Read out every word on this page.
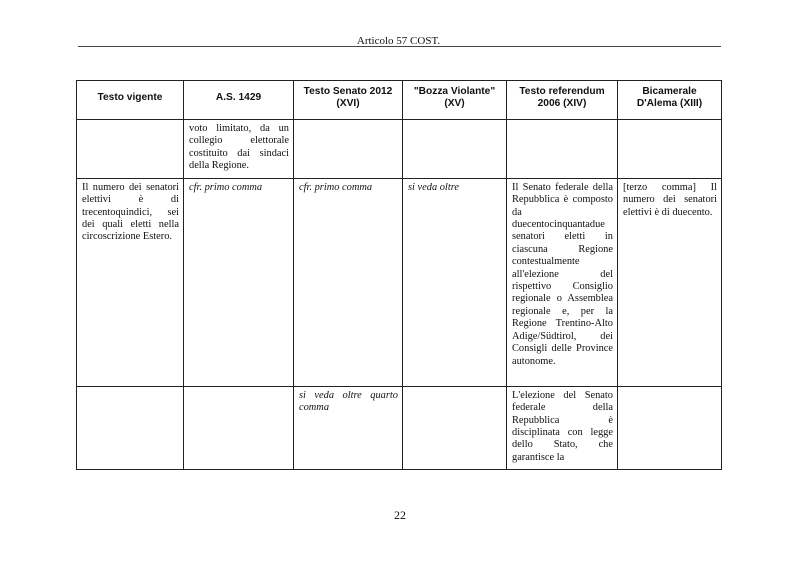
Articolo 57 COST.
Testo vigente	A.S. 1429	Testo Senato 2012 (XVI)	"Bozza Violante" (XV)	Testo referendum 2006 (XIV)	Bicamerale D'Alema (XIII)
	voto limitato, da un collegio elettorale costituito dai sindaci della Regione.				
Il numero dei senatori elettivi è di trecentoquindici, sei dei quali eletti nella circoscrizione Estero.	cfr. primo comma	cfr. primo comma	si veda oltre	Il Senato federale della Repubblica è composto da duecentocinquantadue senatori eletti in ciascuna Regione contestualmente all'elezione del rispettivo Consiglio regionale o Assemblea regionale e, per la Regione Trentino-Alto Adige/Südtirol, dei Consigli delle Province autonome.	[terzo comma] Il numero dei senatori elettivi è di duecento.
		si veda oltre quarto comma		L'elezione del Senato federale della Repubblica è disciplinata con legge dello Stato, che garantisce la	
22
